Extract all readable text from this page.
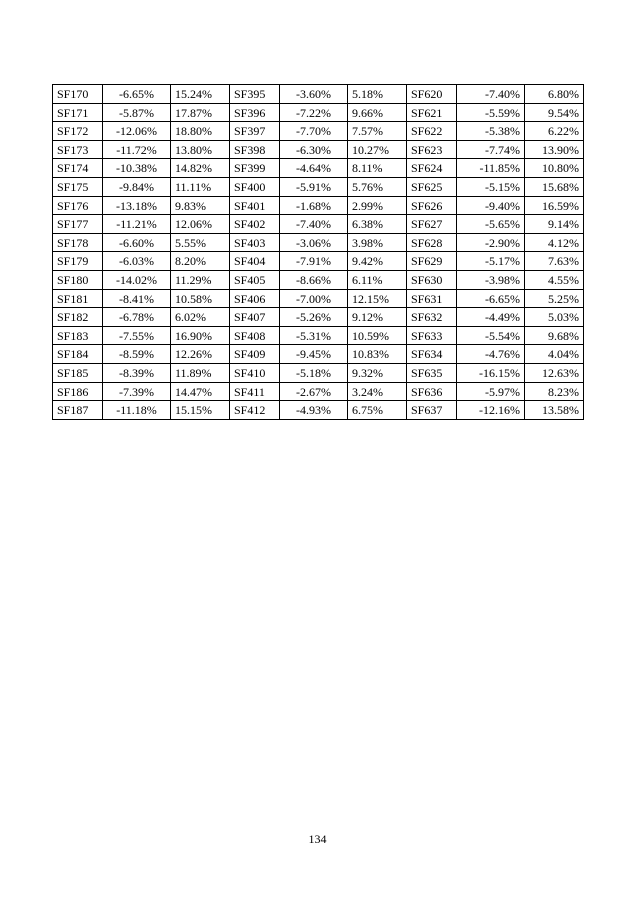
SF170	-6.65%	15.24%	SF395	-3.60%	5.18%	SF620	-7.40%	6.80%

SF171	-5.87%	17.87%	SF396	-7.22%	9.66%	SF621	-5.59%	9.54%

SF172	-12.06%	18.80%	SF397	-7.70%	7.57%	SF622	-5.38%	6.22%

SF173	-11.72%	13.80%	SF398	-6.30%	10.27%	SF623	-7.74%	13.90%

SF174	-10.38%	14.82%	SF399	-4.64%	8.11%	SF624	-11.85%	10.80%

SF175	-9.84%	11.11%	SF400	-5.91%	5.76%	SF625	-5.15%	15.68%

SF176	-13.18%	9.83%	SF401	-1.68%	2.99%	SF626	-9.40%	16.59%

SF177	-11.21%	12.06%	SF402	-7.40%	6.38%	SF627	-5.65%	9.14%

SF178	-6.60%	5.55%	SF403	-3.06%	3.98%	SF628	-2.90%	4.12%

SF179	-6.03%	8.20%	SF404	-7.91%	9.42%	SF629	-5.17%	7.63%

SF180	-14.02%	11.29%	SF405	-8.66%	6.11%	SF630	-3.98%	4.55%

SF181	-8.41%	10.58%	SF406	-7.00%	12.15%	SF631	-6.65%	5.25%

SF182	-6.78%	6.02%	SF407	-5.26%	9.12%	SF632	-4.49%	5.03%

SF183	-7.55%	16.90%	SF408	-5.31%	10.59%	SF633	-5.54%	9.68%

SF184	-8.59%	12.26%	SF409	-9.45%	10.83%	SF634	-4.76%	4.04%

SF185	-8.39%	11.89%	SF410	-5.18%	9.32%	SF635	-16.15%	12.63%

SF186	-7.39%	14.47%	SF411	-2.67%	3.24%	SF636	-5.97%	8.23%

SF187	-11.18%	15.15%	SF412	-4.93%	6.75%	SF637	-12.16%	13.58%
134
